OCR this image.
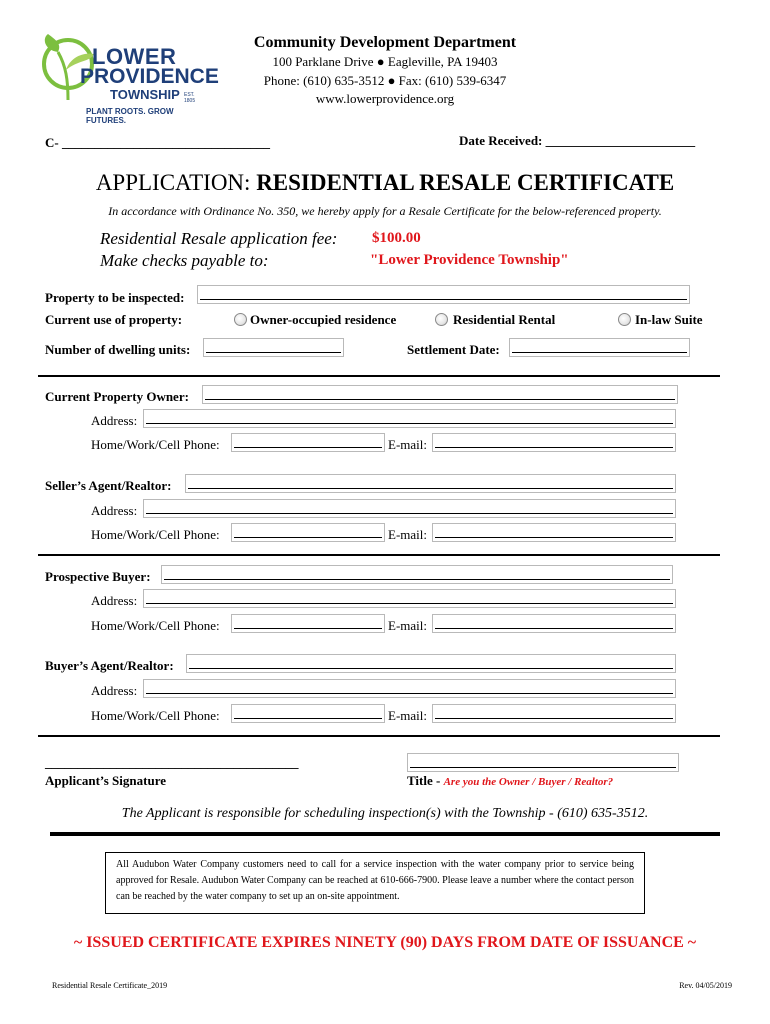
LOWER
PROVIDENCE
TOWNSHIP EST. 1805
PLANT ROOTS. GROW FUTURES.
Community Development Department
100 Parklane Drive ● Eagleville, PA 19403
Phone: (610) 635-3512 ● Fax: (610) 539-6347
www.lowerprovidence.org
C- ________________________________	Date Received: _______________________
APPLICATION: RESIDENTIAL RESALE CERTIFICATE
In accordance with Ordinance No. 350, we hereby apply for a Resale Certificate for the below-referenced property.
Residential Resale application fee: $100.00
Make checks payable to:	"Lower Providence Township"
Property to be inspected:
Current use of property:	Owner-occupied residence	Residential Rental	In-law Suite
Number of dwelling units:	Settlement Date:
Current Property Owner:
Address:
Home/Work/Cell Phone:	E-mail:
Seller’s Agent/Realtor:
Address:
Home/Work/Cell Phone:	E-mail:
Prospective Buyer:
Address:
Home/Work/Cell Phone:	E-mail:
Buyer’s Agent/Realtor:
Address:
Home/Work/Cell Phone:	E-mail:
_______________________________________
Applicant’s Signature	Title - Are you the Owner / Buyer / Realtor?
The Applicant is responsible for scheduling inspection(s) with the Township - (610) 635-3512.
All Audubon Water Company customers need to call for a service inspection with the water company prior to service being approved for Resale. Audubon Water Company can be reached at 610-666-7900. Please leave a number where the contact person can be reached by the water company to set up an on-site appointment.
~ ISSUED CERTIFICATE EXPIRES NINETY (90) DAYS FROM DATE OF ISSUANCE ~
Residential Resale Certificate_2019	Rev. 04/05/2019
